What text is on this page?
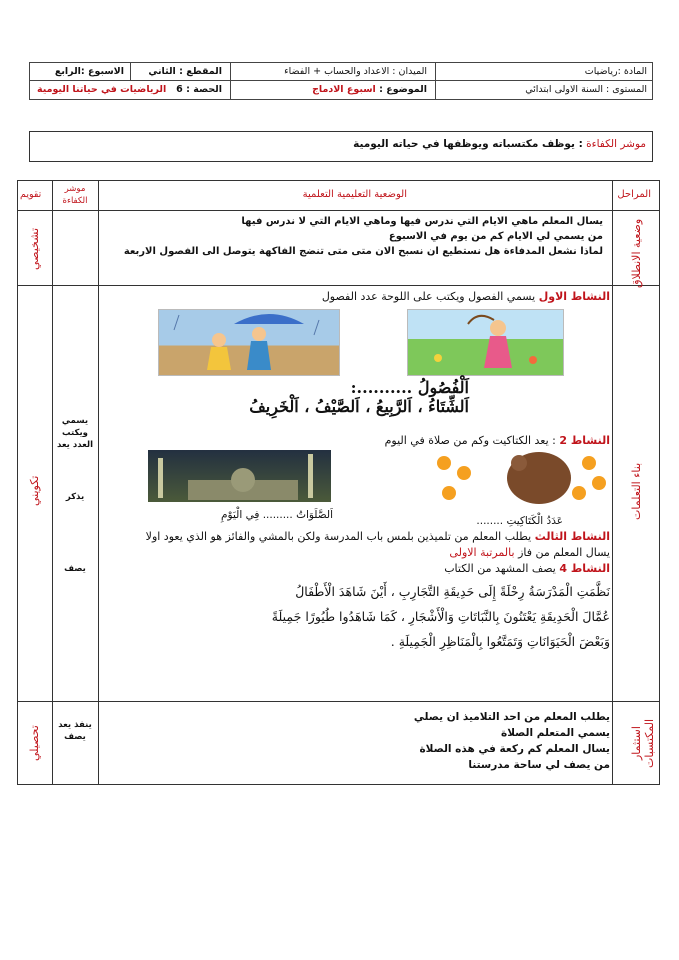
المادة :رياضيات
الميدان : الاعداد والحساب + الفضاء
المقطع : الثاني
الاسبوع :الرابع
المستوى : السنة الاولى ابتدائي
الموضوع : اسبوع الادماج
الحصة : 6   الرياضيات في حياتنا اليومية
موشر الكفاءة : يوظف مكتسباته ويوظفها في حياته اليومية
المراحل
الوضعية التعليمية التعلمية
موشر الكفاءة
تقويم
وضعية الانطلاق
تشخيصي
يسال المعلم ماهي الايام التي ندرس فيها وماهي الايام التي لا ندرس فيها
من يسمي لي الايام كم من يوم في الاسبوع
لماذا نشعل المدفاءة هل نستطيع ان نسبح الان متى متى تنضج الفاكهة يتوصل الى الفصول الاربعة
بناء التعلمات
تكويني
يسمي ويكتب العدد يعد
يذكر
يصف
النشاط الاول يسمي الفصول ويكتب على اللوحة عدد الفصول
اَلْفُصُولُ ..........:
اَلشِّتَاءُ ، اَلرَّبِيعُ ، اَلصَّيْفُ ، اَلْخَرِيفُ
النشاط 2 : يعد الكتاكيت وكم من صلاة في اليوم
اَلصَّلَوَاتُ ......... فِي الْيَوْمِ	عَدَدُ الْكَتَاكِيتِ ........
النشاط الثالث يطلب المعلم من تلميذين بلمس باب المدرسة ولكن بالمشي والفائز هو الذي يعود اولا
يسال المعلم من فاز بالمرتبة الاولى
النشاط 4 يصف المشهد من الكتاب
نَظَّمَتِ الْمَدْرَسَةُ رِحْلَةً إِلَى حَدِيقَةِ التَّجَارِبِ ، أَيْنَ شَاهَدَ الْأَطْفَالُ
عُمَّالَ الْحَدِيقَةِ يَعْتَنُونَ بِالنَّبَاتَاتِ وَالْأَشْجَارِ ، كَمَا شَاهَدُوا طُيُورًا جَمِيلَةً
وَبَعْضَ الْحَيَوَانَاتِ وَتَمَتَّعُوا بِالْمَنَاظِرِ الْجَمِيلَةِ .
استثمار المكتسبات
تحصيلي
ينفذ يعد يصف
يطلب المعلم من احد التلاميذ ان يصلي
يسمي المتعلم الصلاة
يسال المعلم كم ركعة في هذه الصلاة
من يصف لي ساحة مدرستنا
